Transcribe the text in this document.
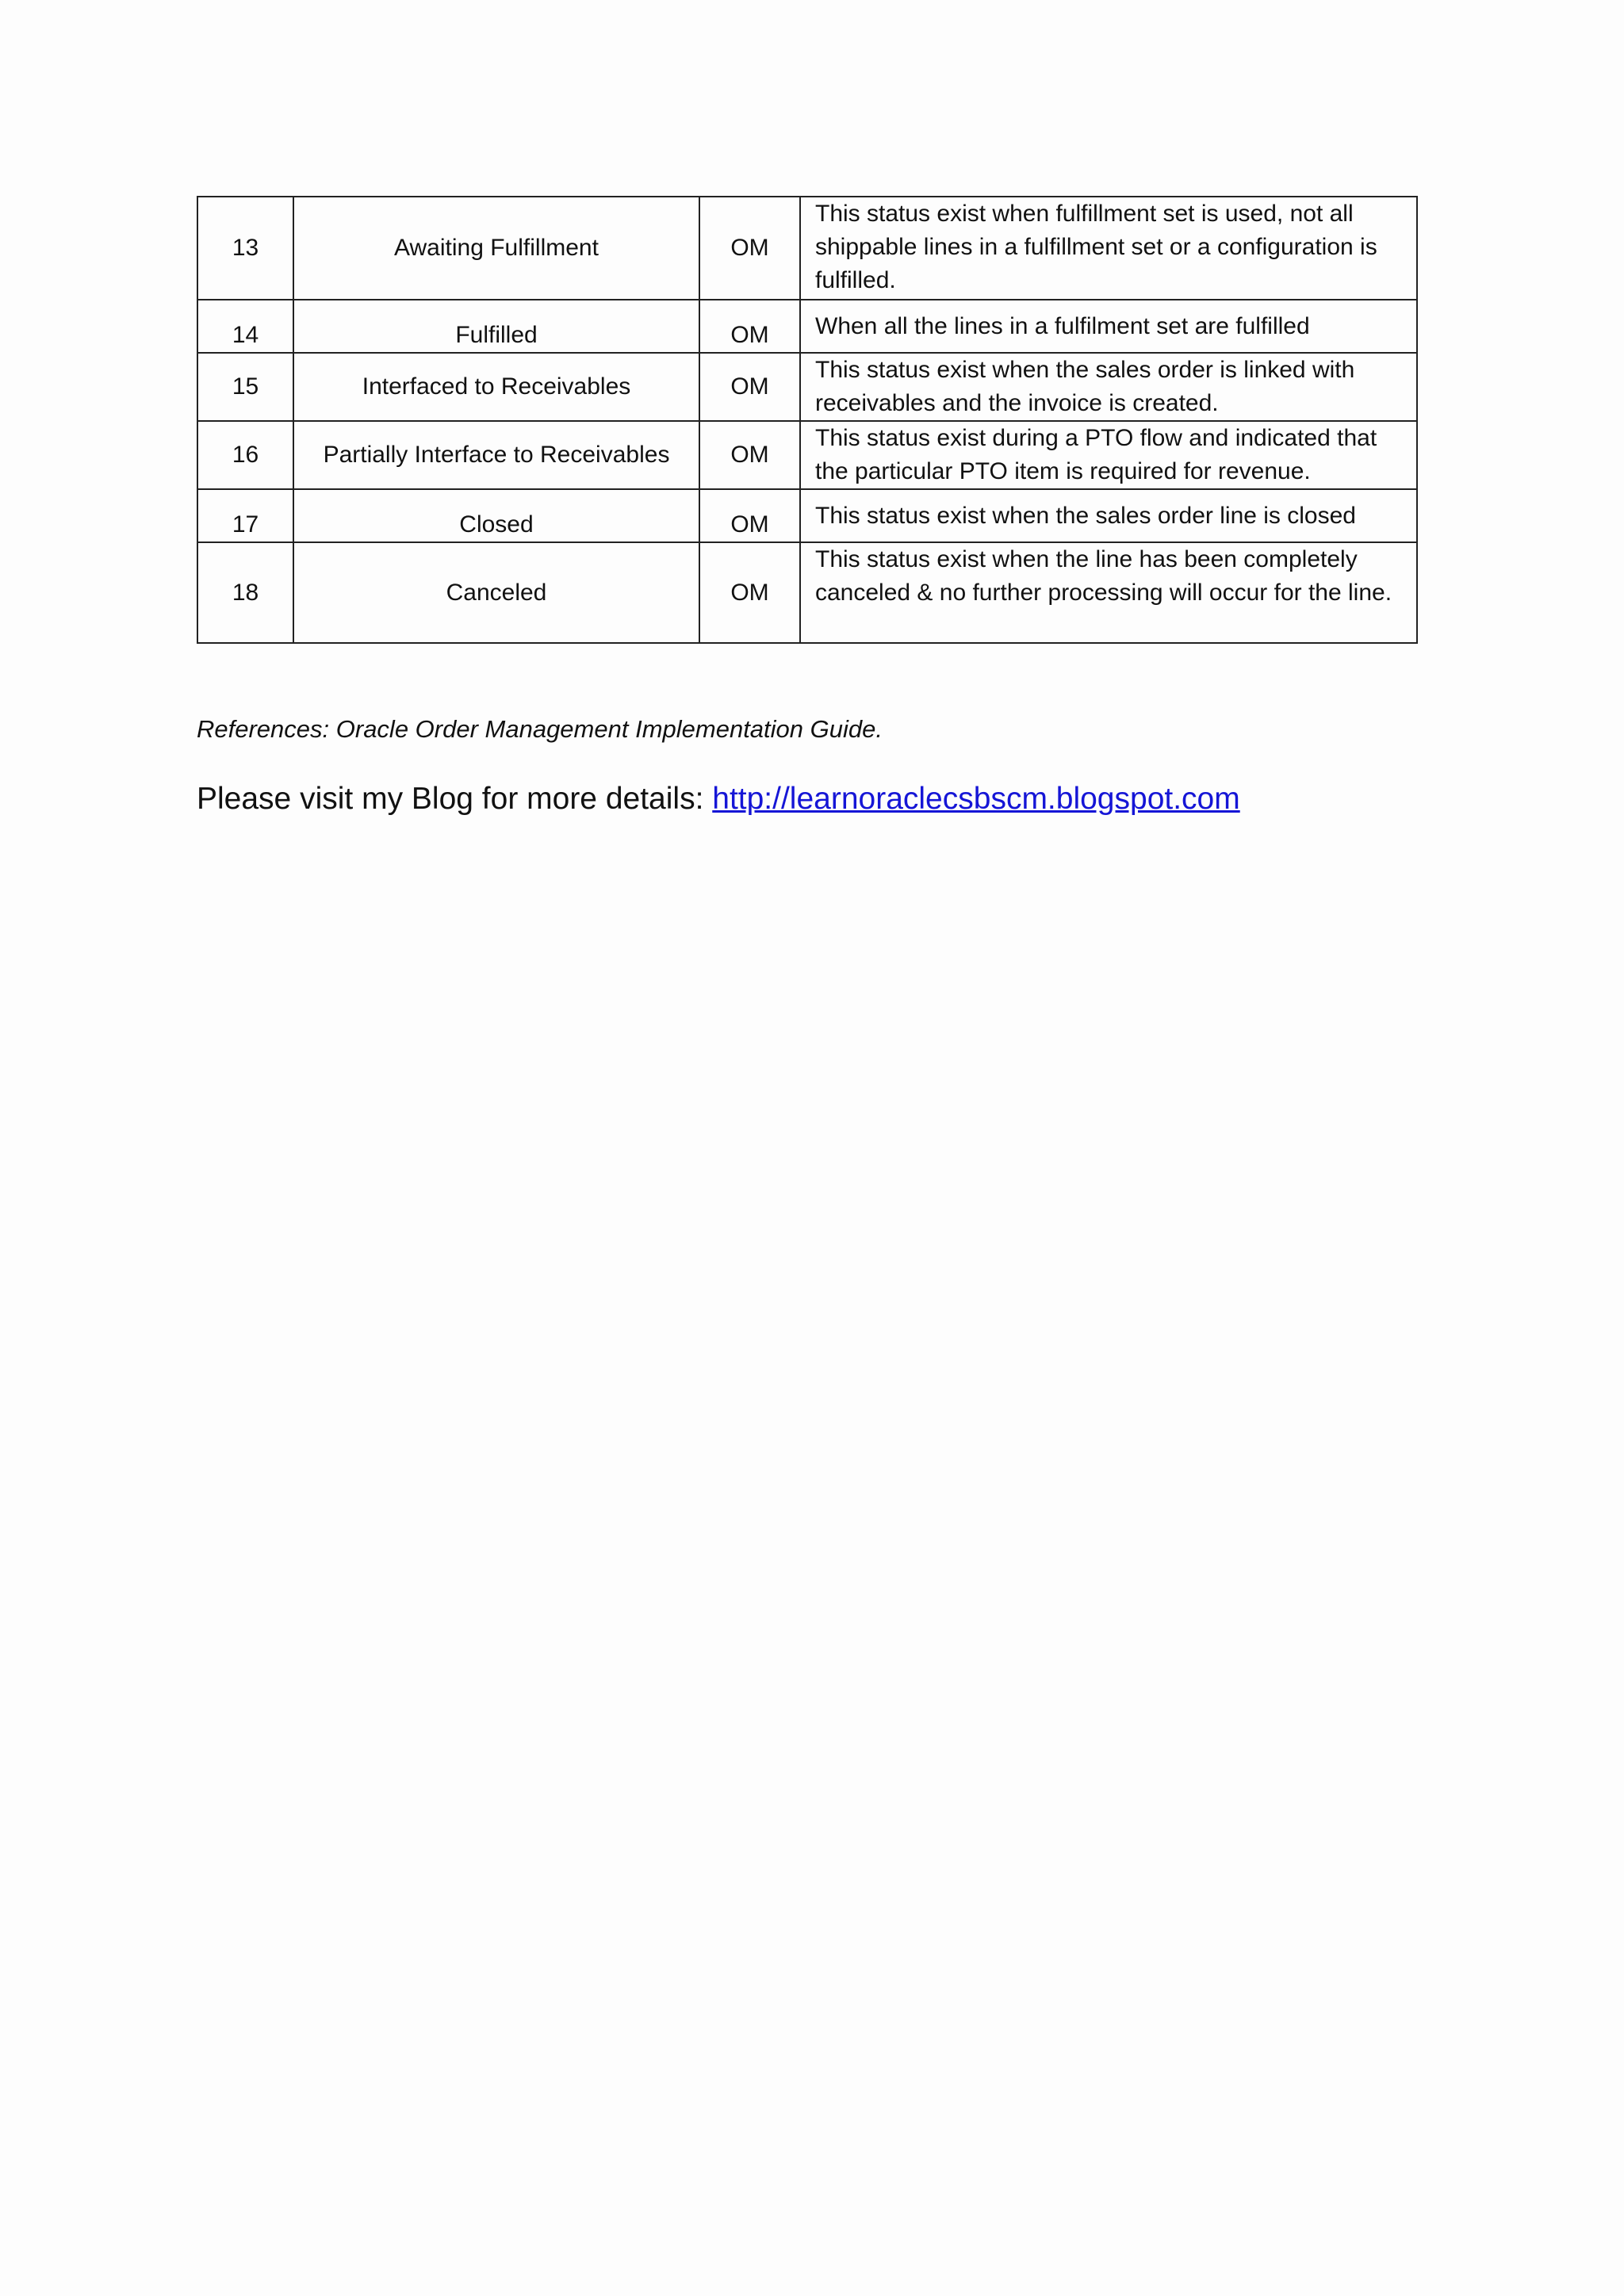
13	Awaiting Fulfillment	OM	This status exist when fulfillment set is used, not all shippable lines in a fulfillment set or a configuration is fulfilled.
14	Fulfilled	OM	When all the lines in a fulfilment set are fulfilled
15	Interfaced to Receivables	OM	This status exist when the sales order is linked with receivables and the invoice is created.
16	Partially Interface to Receivables	OM	This status exist during a PTO flow and indicated that the particular PTO item is required for revenue.
17	Closed	OM	This status exist when the sales order line is closed
18	Canceled	OM	This status exist when the line has been completely canceled & no further processing will occur for the line.
References: Oracle Order Management Implementation Guide.
Please visit my Blog for more details: http://learnoraclecsbscm.blogspot.com
